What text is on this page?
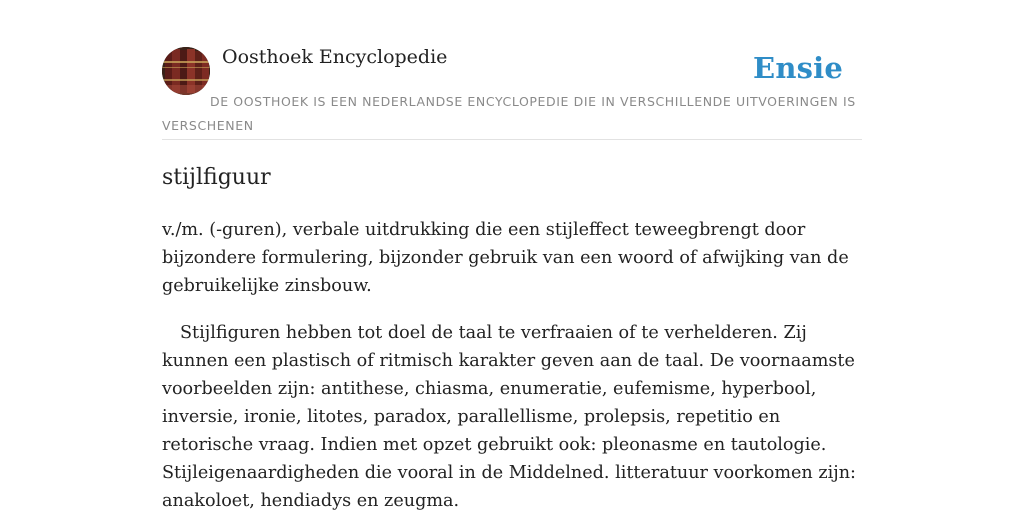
Oosthoek Encyclopedie	Ensie
DE OOSTHOEK IS EEN NEDERLANDSE ENCYCLOPEDIE DIE IN VERSCHILLENDE UITVOERINGEN IS VERSCHENEN
stijlfiguur

v./m. (-guren), verbale uitdrukking die een stijleffect teweegbrengt door bijzondere formulering, bijzonder gebruik van een woord of afwijking van de gebruikelijke zinsbouw.

Stijlfiguren hebben tot doel de taal te verfraaien of te verhelderen. Zij kunnen een plastisch of ritmisch karakter geven aan de taal. De voornaamste voorbeelden zijn: antithese, chiasma, enumeratie, eufemisme, hyperbool, inversie, ironie, litotes, paradox, parallellisme, prolepsis, repetitio en retorische vraag. Indien met opzet gebruikt ook: pleonasme en tautologie. Stijleigenaardigheden die vooral in de Middelned. litteratuur voorkomen zijn: anakoloet, hendiadys en zeugma.
